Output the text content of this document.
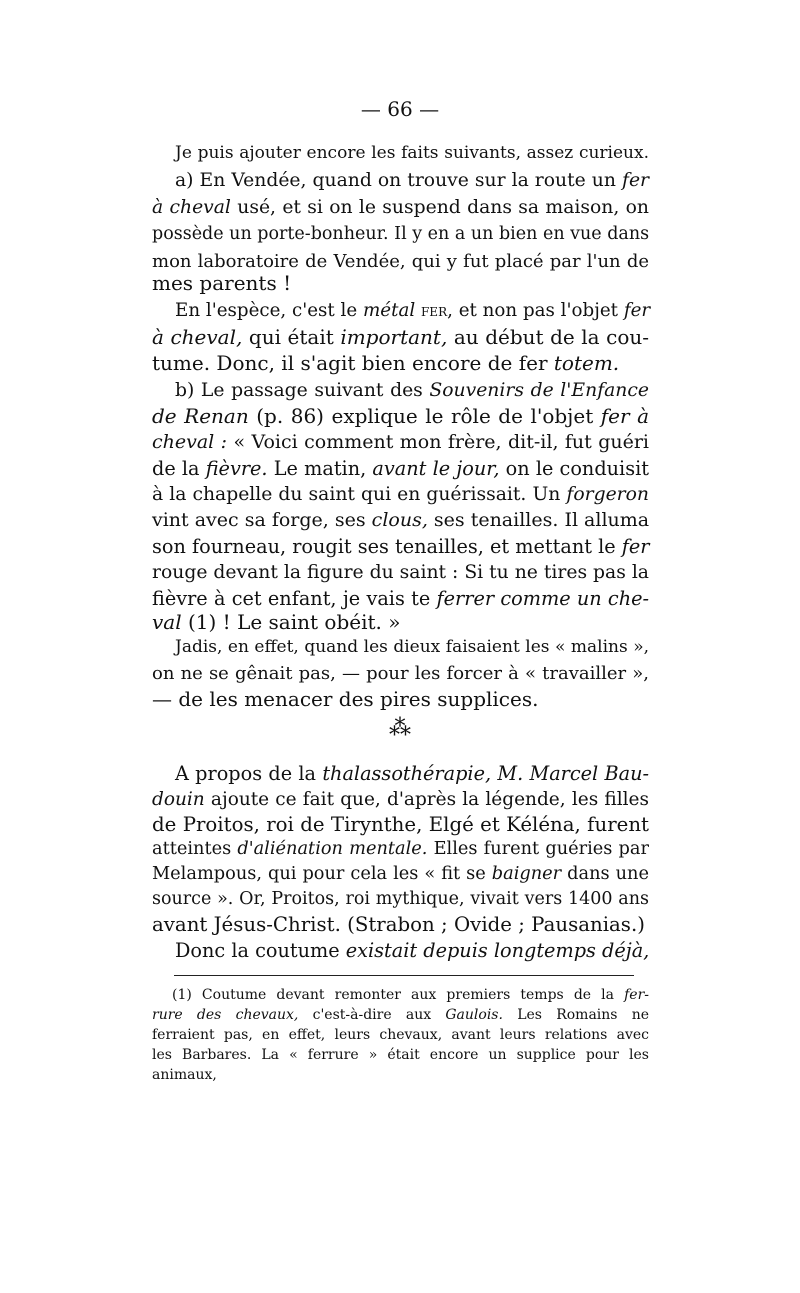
— 66 —
Je puis ajouter encore les faits suivants, assez curieux.
a) En Vendée, quand on trouve sur la route un fer
à cheval usé, et si on le suspend dans sa maison, on
possède un porte-bonheur. Il y en a un bien en vue dans
mon laboratoire de Vendée, qui y fut placé par l'un de
mes parents !
En l'espèce, c'est le métal fer, et non pas l'objet fer
à cheval, qui était important, au début de la cou-
tume. Donc, il s'agit bien encore de fer totem.
b) Le passage suivant des Souvenirs de l'Enfance
de Renan (p. 86) explique le rôle de l'objet fer à
cheval : « Voici comment mon frère, dit-il, fut guéri
de la fièvre. Le matin, avant le jour, on le conduisit
à la chapelle du saint qui en guérissait. Un forgeron
vint avec sa forge, ses clous, ses tenailles. Il alluma
son fourneau, rougit ses tenailles, et mettant le fer
rouge devant la figure du saint : Si tu ne tires pas la
fièvre à cet enfant, je vais te ferrer comme un che-
val (1) ! Le saint obéit. »
Jadis, en effet, quand les dieux faisaient les « malins »,
on ne se gênait pas, — pour les forcer à « travailler »,
— de les menacer des pires supplices.
⁂
A propos de la thalassothérapie, M. Marcel Bau-
douin ajoute ce fait que, d'après la légende, les filles
de Proitos, roi de Tirynthe, Elgé et Kéléna, furent
atteintes d'aliénation mentale. Elles furent guéries par
Melampous, qui pour cela les « fit se baigner dans une
source ». Or, Proitos, roi mythique, vivait vers 1400 ans
avant Jésus-Christ. (Strabon ; Ovide ; Pausanias.)
Donc la coutume existait depuis longtemps déjà,
(1) Coutume devant remonter aux premiers temps de la fer-
rure des chevaux, c'est-à-dire aux Gaulois. Les Romains ne
ferraient pas, en effet, leurs chevaux, avant leurs relations avec
les Barbares. La « ferrure » était encore un supplice pour les
animaux,
